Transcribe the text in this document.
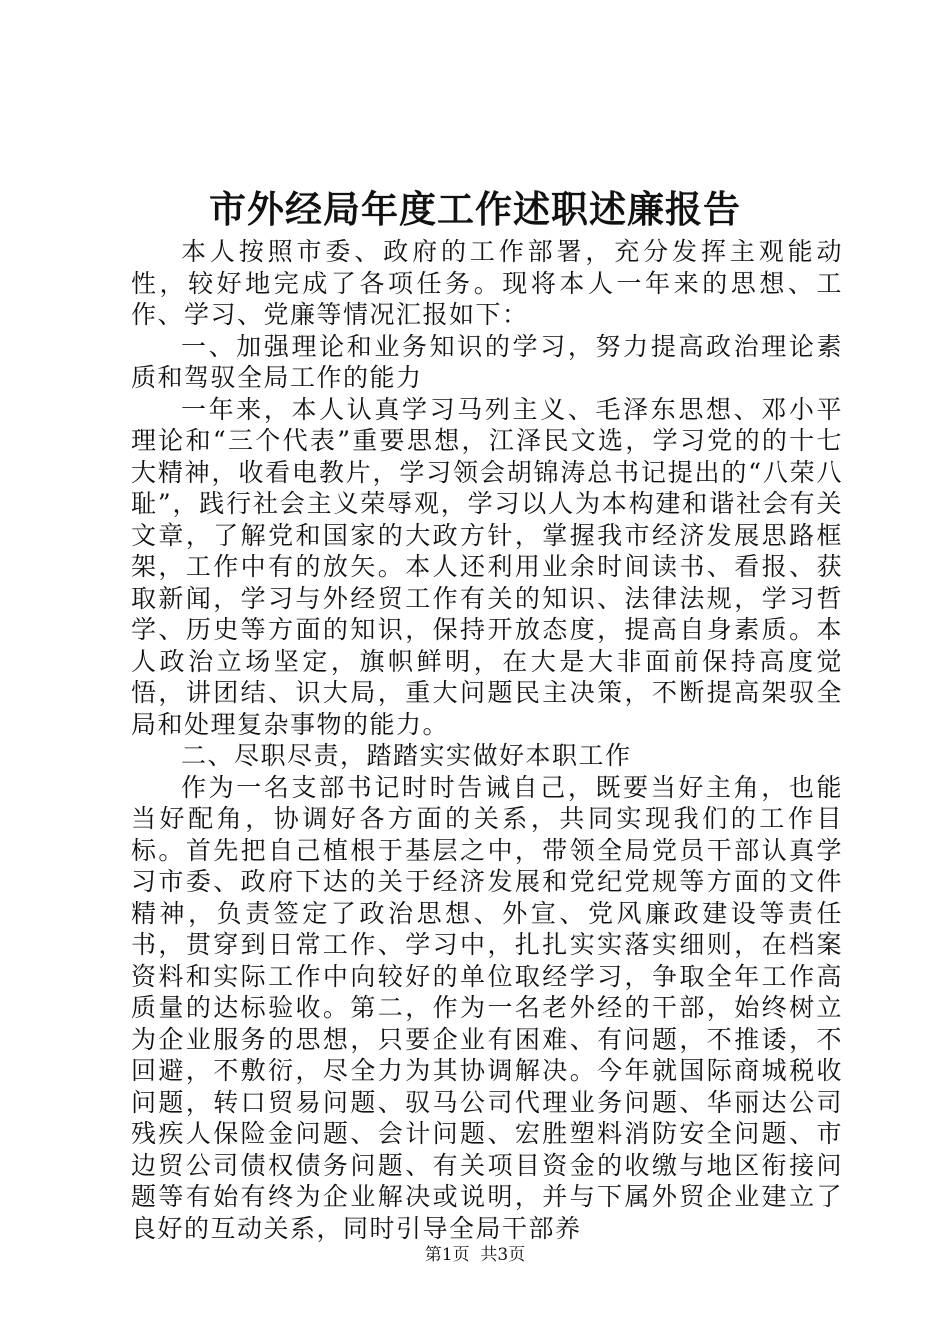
市外经局年度工作述职述廉报告

本人按照市委、政府的工作部署，充分发挥主观能动性，较好地完成了各项任务。现将本人一年来的思想、工作、学习、党廉等情况汇报如下：

一、加强理论和业务知识的学习，努力提高政治理论素质和驾驭全局工作的能力

一年来，本人认真学习马列主义、毛泽东思想、邓小平理论和“三个代表”重要思想，江泽民文选，学习党的的十七大精神，收看电教片，学习领会胡锦涛总书记提出的“八荣八耻”，践行社会主义荣辱观，学习以人为本构建和谐社会有关文章，了解党和国家的大政方针，掌握我市经济发展思路框架，工作中有的放矢。本人还利用业余时间读书、看报、获取新闻，学习与外经贸工作有关的知识、法律法规，学习哲学、历史等方面的知识，保持开放态度，提高自身素质。本人政治立场坚定，旗帜鲜明，在大是大非面前保持高度觉悟，讲团结、识大局，重大问题民主决策，不断提高架驭全局和处理复杂事物的能力。

二、尽职尽责，踏踏实实做好本职工作

作为一名支部书记时时告诫自己，既要当好主角，也能当好配角，协调好各方面的关系，共同实现我们的工作目标。首先把自己植根于基层之中，带领全局党员干部认真学习市委、政府下达的关于经济发展和党纪党规等方面的文件精神，负责签定了政治思想、外宣、党风廉政建设等责任书，贯穿到日常工作、学习中，扎扎实实落实细则，在档案资料和实际工作中向较好的单位取经学习，争取全年工作高质量的达标验收。第二，作为一名老外经的干部，始终树立为企业服务的思想，只要企业有困难、有问题，不推诿，不回避，不敷衍，尽全力为其协调解决。今年就国际商城税收问题，转口贸易问题、驭马公司代理业务问题、华丽达公司残疾人保险金问题、会计问题、宏胜塑料消防安全问题、市边贸公司债权债务问题、有关项目资金的收缴与地区衔接问题等有始有终为企业解决或说明，并与下属外贸企业建立了良好的互动关系，同时引导全局干部养

第1页  共3页
